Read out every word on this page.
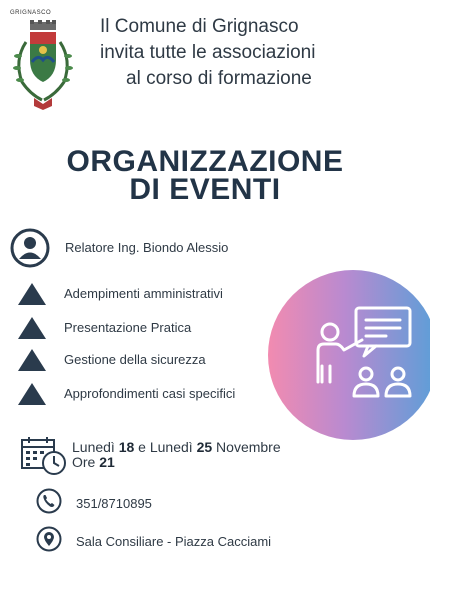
GRIGNASCO
Il Comune di Grignasco
invita tutte le associazioni
al corso di formazione
ORGANIZZAZIONE
DI EVENTI
Relatore Ing. Biondo Alessio
Adempimenti amministrativi
Presentazione Pratica
Gestione della sicurezza
Approfondimenti casi specifici
Lunedì 18 e Lunedì 25 Novembre
Ore 21
351/8710895
Sala Consiliare - Piazza Cacciami
